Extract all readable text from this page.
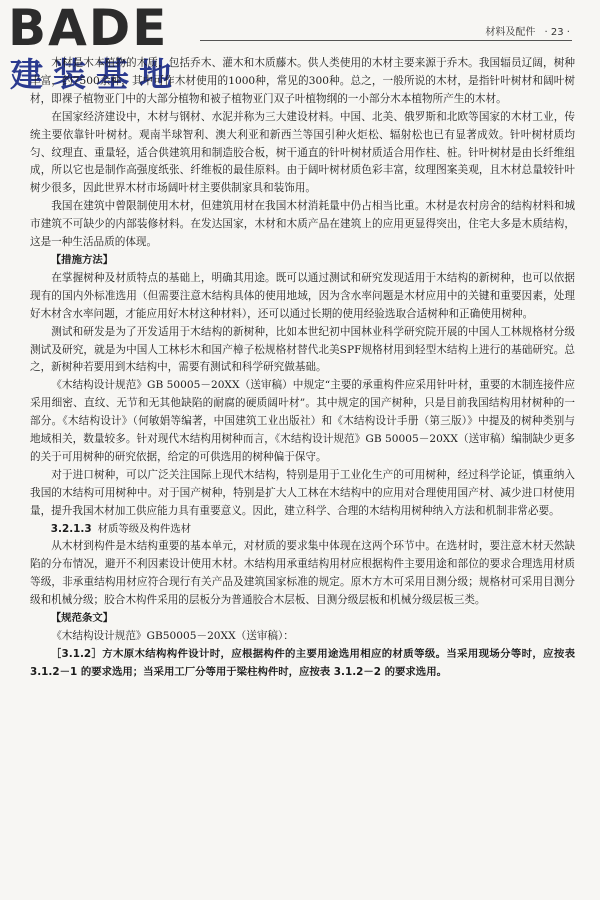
BADE
建装基地
材料及配件 · 23 ·

木材是木本植物的木质，包括乔木、灌木和木质藤木。供人类使用的木材主要来源于乔木。我国辐员辽阔，树种丰富，约7500余种，其中可作木材使用的1000种，常见的300种。总之，一般所说的木材，是指针叶树材和阔叶树材，即裸子植物亚门中的大部分植物和被子植物亚门双子叶植物纲的一小部分木本植物所产生的木材。

在国家经济建设中，木材与钢材、水泥并称为三大建设材料。中国、北美、俄罗斯和北欧等国家的木材工业，传统主要依靠针叶树材。观南半球智利、澳大利亚和新西兰等国引种火炬松、辐射松也已有显著成效。针叶树材质均匀、纹理直、重量轻，适合供建筑用和制造胶合板，树干通直的针叶树材质适合用作柱、桩。针叶树材是由长纤维组成，所以它也是制作高强度纸张、纤维板的最佳原料。由于阔叶树材质色彩丰富，纹理图案美观，且木材总量较针叶树少很多，因此世界木材市场阔叶材主要供制家具和装饰用。

我国在建筑中曾限制使用木材，但建筑用材在我国木材消耗量中仍占相当比重。木材是农村房舍的结构材料和城市建筑不可缺少的内部装修材料。在发达国家，木材和木质产品在建筑上的应用更显得突出，住宅大多是木质结构，这是一种生活品质的体现。

【措施方法】

在掌握树种及材质特点的基础上，明确其用途。既可以通过测试和研究发现适用于木结构的新树种，也可以依据现有的国内外标准选用（但需要注意木结构具体的使用地域，因为含水率问题是木材应用中的关键和重要因素，处理好木材含水率问题，才能应用好木材这种材料），还可以通过长期的使用经验选取合适树种和正确使用树种。

测试和研发是为了开发适用于木结构的新树种，比如本世纪初中国林业科学研究院开展的中国人工林规格材分级测试及研究，就是为中国人工林杉木和国产樟子松规格材替代北美SPF规格材用到轻型木结构上进行的基础研究。总之，新树种若要用到木结构中，需要有测试和科学研究做基础。

《木结构设计规范》GB 50005－20XX（送审稿）中规定“主要的承重构件应采用针叶材，重要的木制连接件应采用细密、直纹、无节和无其他缺陷的耐腐的硬质阔叶材”。其中规定的国产树种，只是目前我国结构用材树种的一部分。《木结构设计》（何敏娟等编著，中国建筑工业出版社）和《木结构设计手册（第三版）》中提及的树种类别与地域相关，数量较多。针对现代木结构用树种而言，《木结构设计规范》GB 50005－20XX（送审稿）编制缺少更多的关于可用树种的研究依据，给定的可供选用的树种偏于保守。

对于进口树种，可以广泛关注国际上现代木结构，特别是用于工业化生产的可用树种，经过科学论证，慎重纳入我国的木结构可用树种中。对于国产树种，特别是扩大人工林在木结构中的应用对合理使用国产材、减少进口材使用量，提升我国木材加工供应能力具有重要意义。因此，建立科学、合理的木结构用树种纳入方法和机制非常必要。

3.2.1.3 材质等级及构件选材

从木材到构件是木结构重要的基本单元，对材质的要求集中体现在这两个环节中。在选材时，要注意木材天然缺陷的分布情况，避开不利因素设计使用木材。木结构用承重结构用材应根据构件主要用途和部位的要求合理选用材质等级，非承重结构用材应符合现行有关产品及建筑国家标准的规定。原木方木可采用目测分级；规格材可采用目测分级和机械分级；胶合木构件采用的层板分为普通胶合木层板、目测分级层板和机械分级层板三类。

【规范条文】

《木结构设计规范》GB50005－20XX（送审稿）：

［3.1.2］方木原木结构构件设计时，应根据构件的主要用途选用相应的材质等级。当采用现场分等时，应按表 3.1.2－1 的要求选用；当采用工厂分等用于梁柱构件时，应按表 3.1.2－2 的要求选用。
